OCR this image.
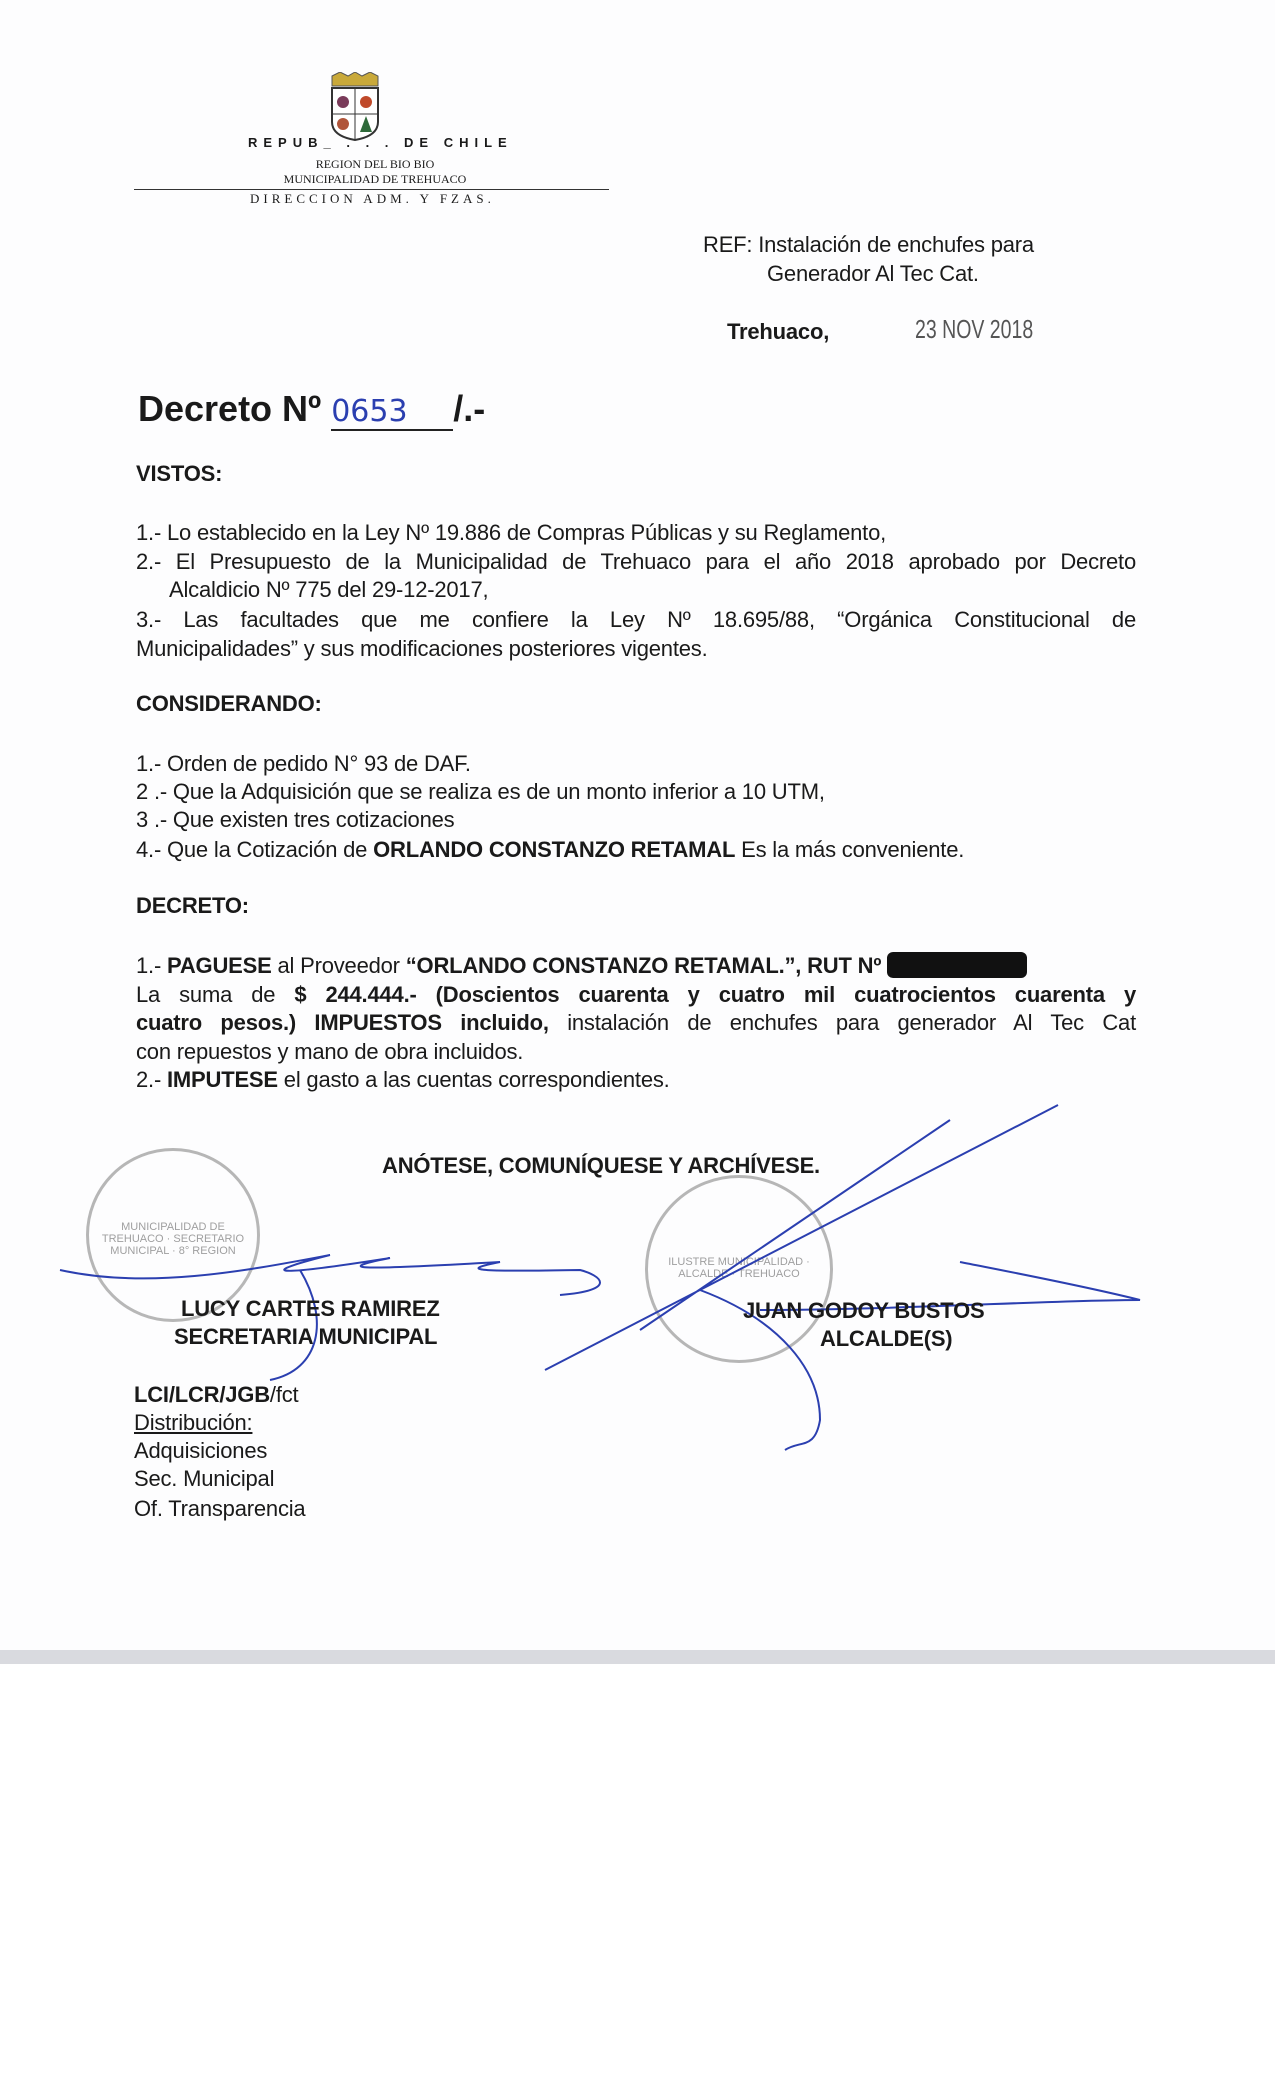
REPUB_ . . . DE CHILE
REGION DEL BIO BIO
MUNICIPALIDAD DE TREHUACO
DIRECCION ADM. Y FZAS.
REF: Instalación de enchufes para
Generador Al Tec Cat.
Trehuaco,	23 NOV 2018
Decreto Nº 0653 /.-
VISTOS:
1.- Lo establecido en la Ley Nº 19.886 de Compras Públicas y su Reglamento,
2.- El Presupuesto de la Municipalidad de Trehuaco para el año 2018 aprobado por Decreto
Alcaldicio Nº 775 del 29-12-2017,
3.- Las facultades que me confiere la Ley Nº 18.695/88, “Orgánica Constitucional de
Municipalidades” y sus modificaciones posteriores vigentes.
CONSIDERANDO:
1.- Orden de pedido N° 93 de DAF.
2 .- Que la Adquisición que se realiza es de un monto inferior a 10 UTM,
3 .- Que existen tres cotizaciones
4.- Que la Cotización de ORLANDO CONSTANZO RETAMAL Es la más conveniente.
DECRETO:
1.- PAGUESE al Proveedor “ORLANDO CONSTANZO RETAMAL.”, RUT Nº
La suma de $ 244.444.- (Doscientos cuarenta y cuatro mil cuatrocientos cuarenta y
cuatro pesos.) IMPUESTOS incluido, instalación de enchufes para generador Al Tec Cat
con repuestos y mano de obra incluidos.
2.- IMPUTESE el gasto a las cuentas correspondientes.
ANÓTESE, COMUNÍQUESE Y ARCHÍVESE.
MUNICIPALIDAD DE TREHUACO · SECRETARIO MUNICIPAL · 8° REGION
ILUSTRE MUNICIPALIDAD · ALCALDE · TREHUACO
LUCY CARTES RAMIREZ
SECRETARIA MUNICIPAL
JUAN GODOY BUSTOS
ALCALDE(S)
LCI/LCR/JGB/fct
Distribución:
Adquisiciones
Sec. Municipal
Of. Transparencia
